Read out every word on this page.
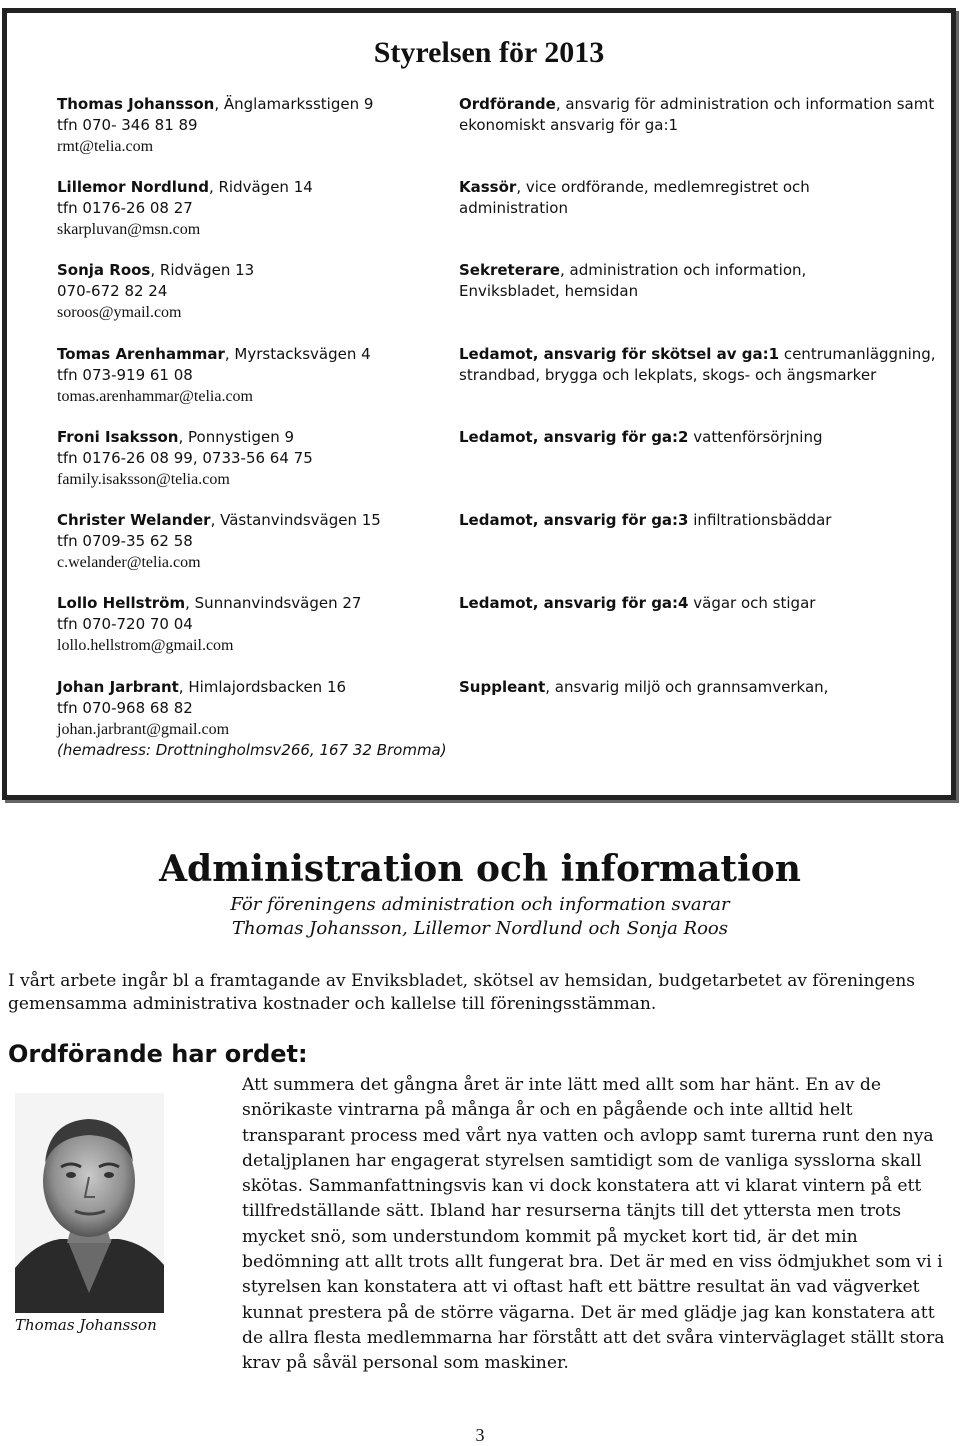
Styrelsen för 2013
Thomas Johansson, Änglamarksstigen 9
tfn 070- 346 81 89
rmt@telia.com
Ordförande, ansvarig för administration och information samt ekonomiskt ansvarig för ga:1
Lillemor Nordlund, Ridvägen 14
tfn 0176-26 08 27
skarpluvan@msn.com
Kassör, vice ordförande, medlemregistret och administration
Sonja Roos, Ridvägen 13
070-672 82 24
soroos@ymail.com
Sekreterare, administration och information, Enviksbladet, hemsidan
Tomas Arenhammar, Myrstacksvägen 4
tfn 073-919 61 08
tomas.arenhammar@telia.com
Ledamot, ansvarig för skötsel av ga:1 centrumanläggning, strandbad, brygga och lekplats, skogs- och ängsmarker
Froni Isaksson, Ponnystigen 9
tfn 0176-26 08 99, 0733-56 64 75
family.isaksson@telia.com
Ledamot, ansvarig för ga:2 vattenförsörjning
Christer Welander, Västanvindsvägen 15
tfn 0709-35 62 58
c.welander@telia.com
Ledamot, ansvarig för ga:3 infiltrationsbäddar
Lollo Hellström, Sunnanvindsvägen 27
tfn 070-720 70 04
lollo.hellstrom@gmail.com
Ledamot, ansvarig för ga:4 vägar och stigar
Johan Jarbrant, Himlajordsbacken 16
tfn 070-968 68 82
johan.jarbrant@gmail.com
(hemadress: Drottningholmsv266, 167 32 Bromma)
Suppleant, ansvarig miljö och grannsamverkan,
Administration och information
För föreningens administration och information svarar
Thomas Johansson, Lillemor Nordlund och Sonja Roos
I vårt arbete ingår bl a framtagande av Enviksbladet, skötsel av hemsidan, budgetarbetet av föreningens gemensamma administrativa kostnader och kallelse till föreningsstämman.
Ordförande har ordet:
Thomas Johansson
Att summera det gångna året är inte lätt med allt som har hänt. En av de snörikaste vintrarna på många år och en pågående och inte alltid helt transparant process med vårt nya vatten och avlopp samt turerna runt den nya detaljplanen har engagerat styrelsen samtidigt som de vanliga sysslorna skall skötas. Sammanfattningsvis kan vi dock konstatera att vi klarat vintern på ett tillfredställande sätt. Ibland har resurserna tänjts till det yttersta men trots mycket snö, som understundom kommit på mycket kort tid, är det min bedömning att allt trots allt fungerat bra. Det är med en viss ödmjukhet som vi i styrelsen kan konstatera att vi oftast haft ett bättre resultat än vad vägverket kunnat prestera på de större vägarna. Det är med glädje jag kan konstatera att de allra flesta medlemmarna har förstått att det svåra vinterväglaget ställt stora krav på såväl personal som maskiner.
3
